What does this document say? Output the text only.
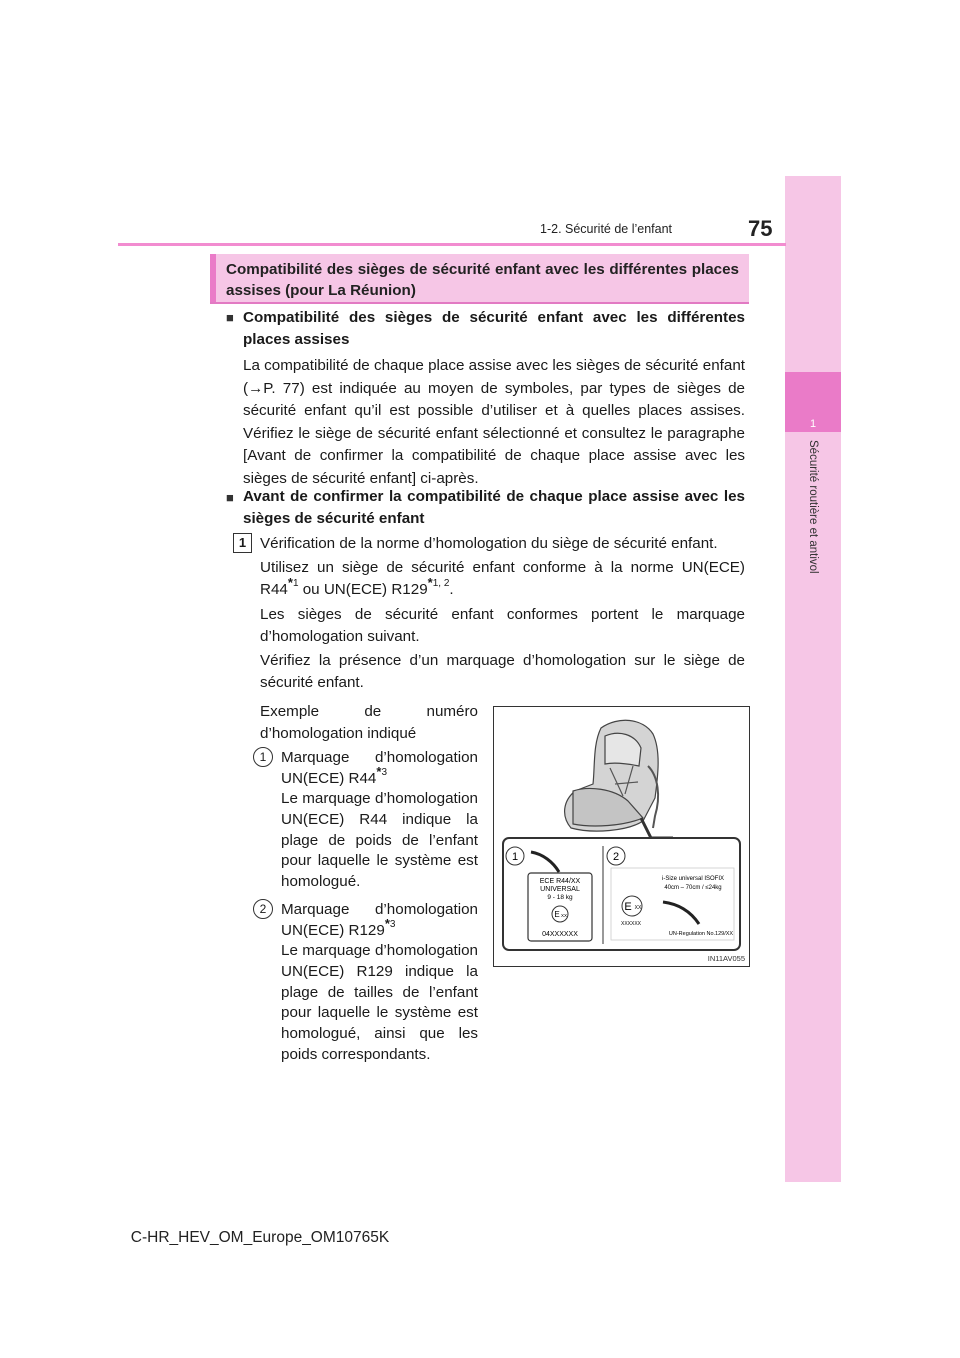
1
Sécurité routière et antivol
1-2. Sécurité de l’enfant	75
Compatibilité des sièges de sécurité enfant avec les différentes places assises (pour La Réunion)
■ Compatibilité des sièges de sécurité enfant avec les différentes places assises
La compatibilité de chaque place assise avec les sièges de sécurité enfant (→P. 77) est indiquée au moyen de symboles, par types de sièges de sécurité enfant qu’il est possible d’utiliser et à quelles places assises. Vérifiez le siège de sécurité enfant sélectionné et consultez le paragraphe [Avant de confirmer la compatibilité de chaque place assise avec les sièges de sécurité enfant] ci-après.
■ Avant de confirmer la compatibilité de chaque place assise avec les sièges de sécurité enfant
1 Vérification de la norme d’homologation du siège de sécurité enfant.
Utilisez un siège de sécurité enfant conforme à la norme UN(ECE) R44*$^1$ ou UN(ECE) R129*$^{1, 2}$.
Les sièges de sécurité enfant conformes portent le marquage d’homologation suivant.
Vérifiez la présence d’un marquage d’homologation sur le siège de sécurité enfant.
Exemple de numéro d’homologation indiqué
1 Marquage d’homologation UN(ECE) R44*$^3$
Le marquage d’homologation UN(ECE) R44 indique la plage de poids de l’enfant pour laquelle le système est homologué.
2 Marquage d’homologation UN(ECE) R129*$^3$
Le marquage d’homologation UN(ECE) R129 indique la plage de tailles de l’enfant pour laquelle le système est homologué, ainsi que les poids correspondants.
1	2
ECE R44/XX
UNIVERSAL
9 - 18 kg
E XX
04XXXXXX
i-Size universal ISOFIX
40cm – 70cm / ≤24kg
E XX
XXXXXX
UN-Regulation No.129/XX
IN11AV055
C-HR_HEV_OM_Europe_OM10765K
